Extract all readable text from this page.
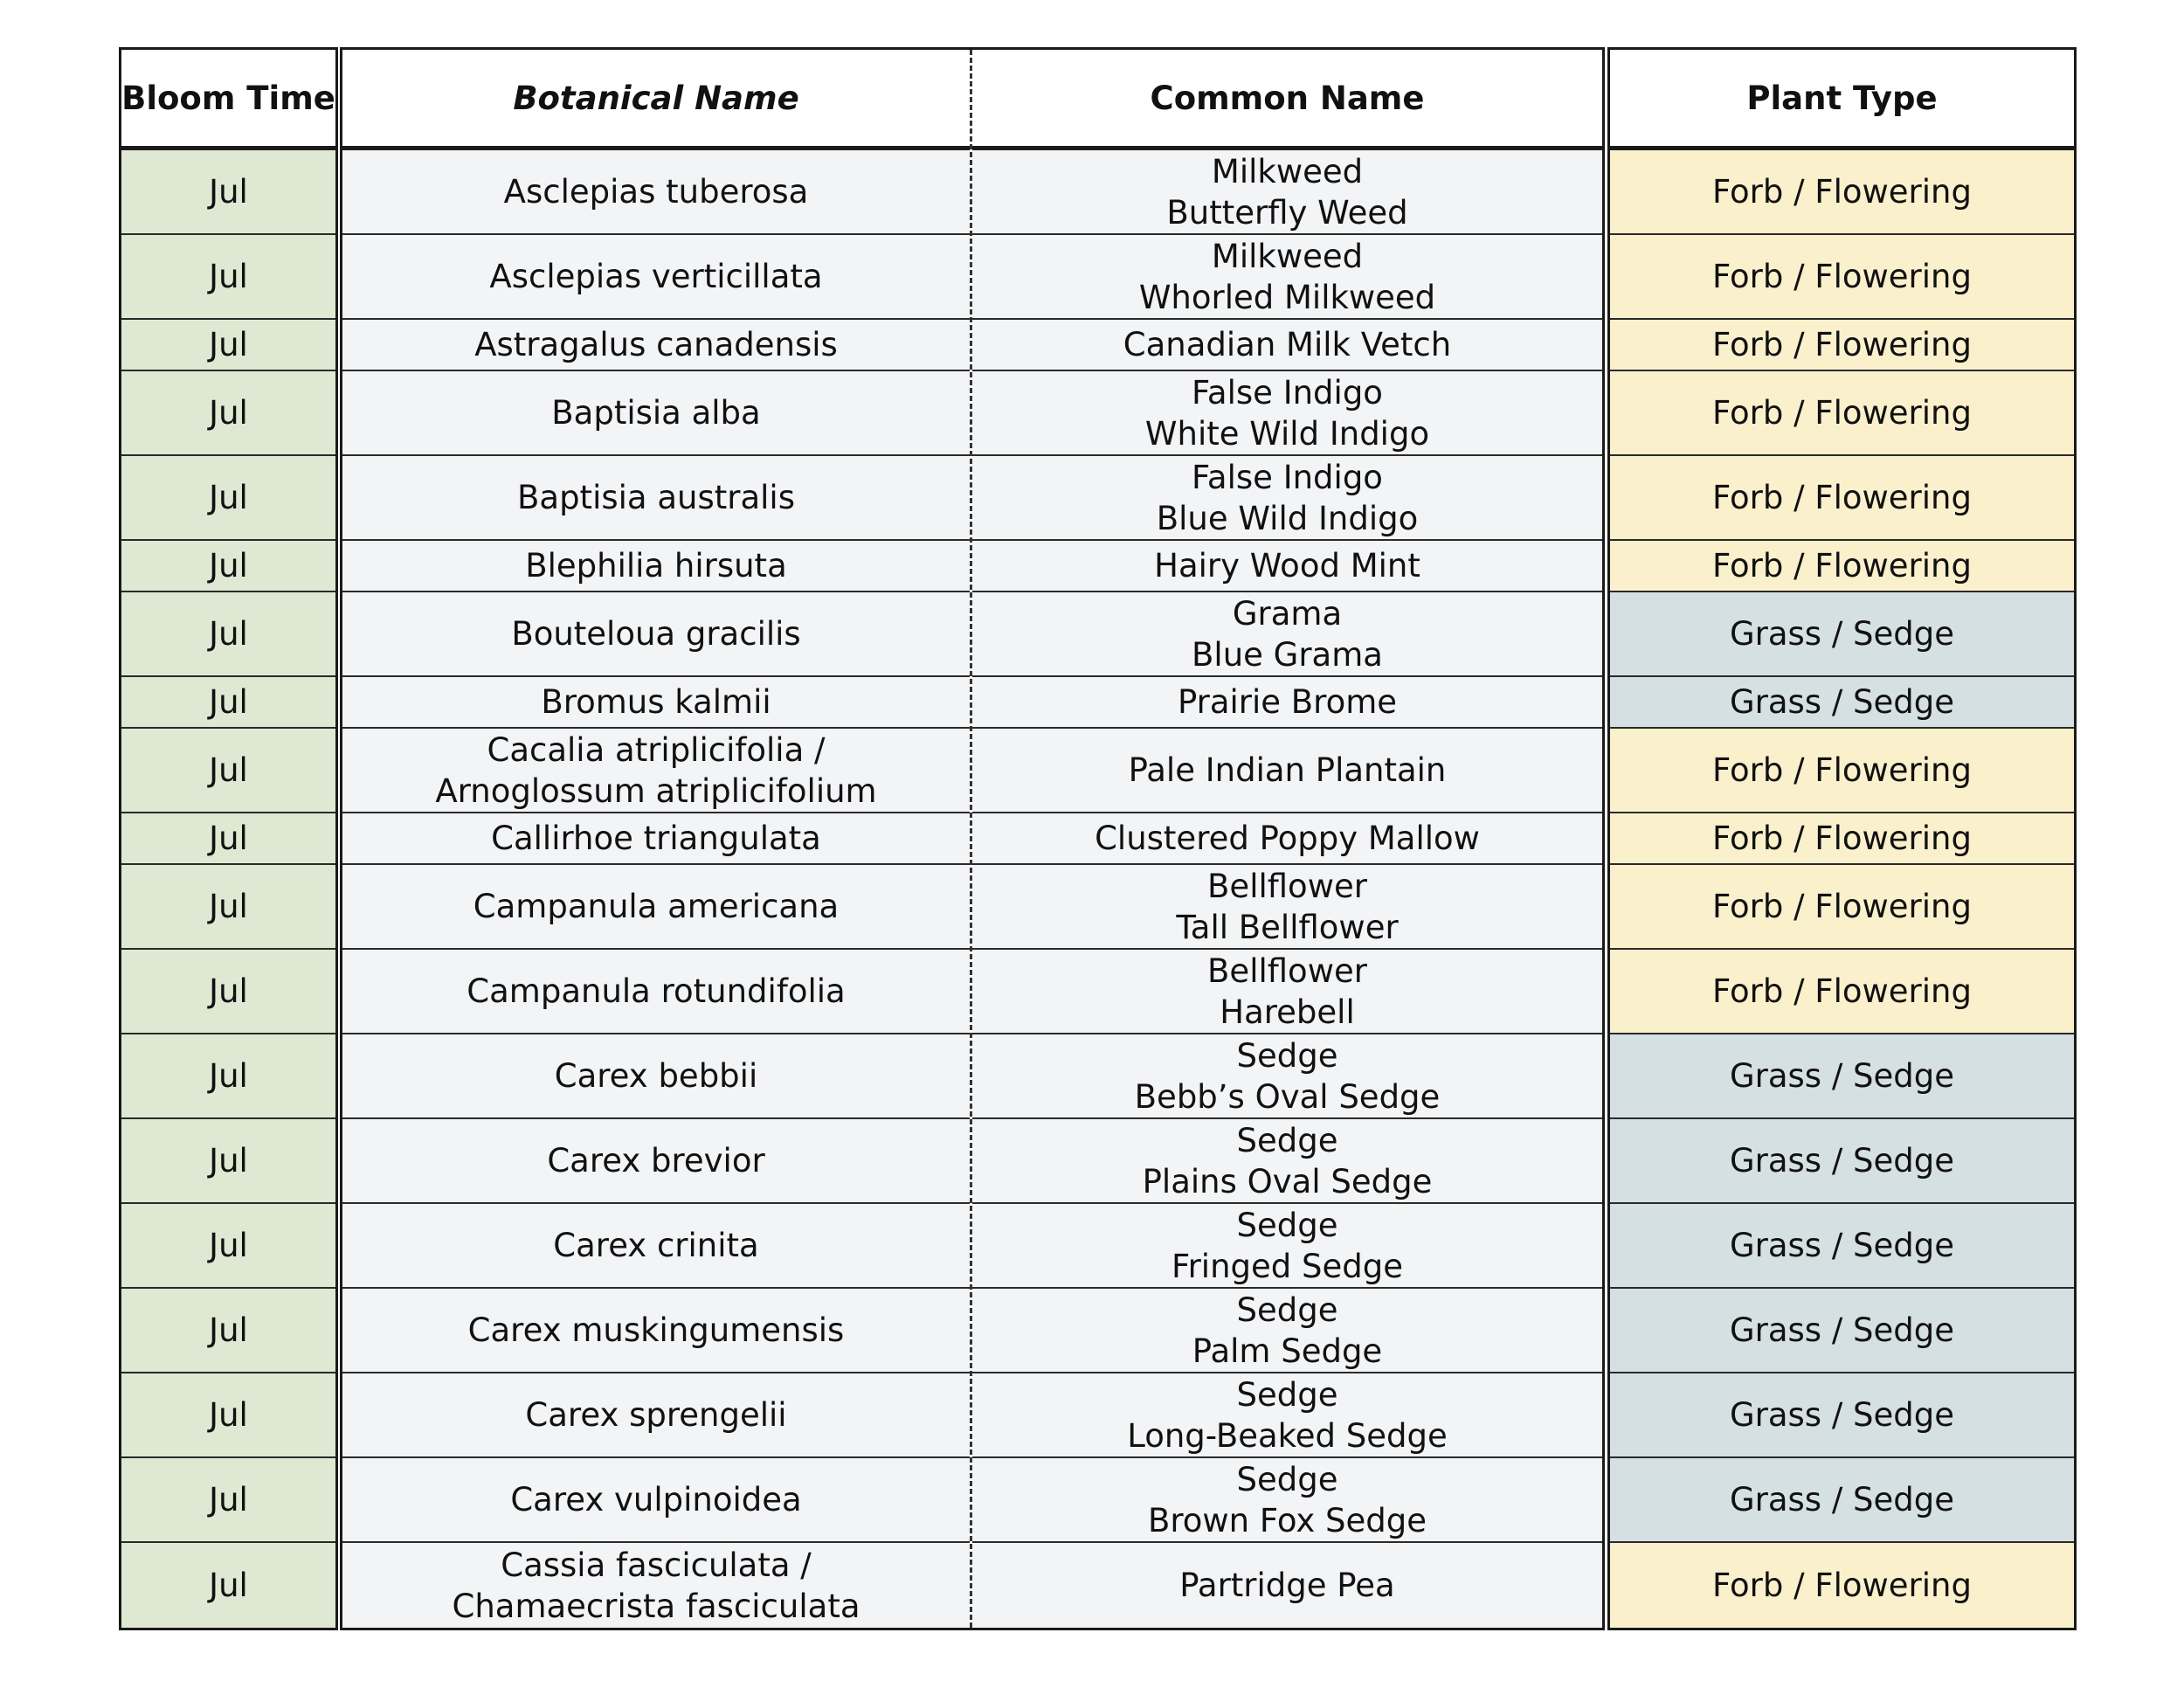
Bloom Time
Jul
Jul
Jul
Jul
Jul
Jul
Jul
Jul
Jul
Jul
Jul
Jul
Jul
Jul
Jul
Jul
Jul
Jul
Jul
Botanical Name
Asclepias tuberosa
Asclepias verticillata
Astragalus canadensis
Baptisia alba
Baptisia australis
Blephilia hirsuta
Bouteloua gracilis
Bromus kalmii
Cacalia atriplicifolia /
Arnoglossum atriplicifolium
Callirhoe triangulata
Campanula americana
Campanula rotundifolia
Carex bebbii
Carex brevior
Carex crinita
Carex muskingumensis
Carex sprengelii
Carex vulpinoidea
Cassia fasciculata /
Chamaecrista fasciculata
Common Name
Milkweed
Butterfly Weed
Milkweed
Whorled Milkweed
Canadian Milk Vetch
False Indigo
White Wild Indigo
False Indigo
Blue Wild Indigo
Hairy Wood Mint
Grama
Blue Grama
Prairie Brome
Pale Indian Plantain
Clustered Poppy Mallow
Bellflower
Tall Bellflower
Bellflower
Harebell
Sedge
Bebb’s Oval Sedge
Sedge
Plains Oval Sedge
Sedge
Fringed Sedge
Sedge
Palm Sedge
Sedge
Long-Beaked Sedge
Sedge
Brown Fox Sedge
Partridge Pea
Plant Type
Forb / Flowering
Forb / Flowering
Forb / Flowering
Forb / Flowering
Forb / Flowering
Forb / Flowering
Grass / Sedge
Grass / Sedge
Forb / Flowering
Forb / Flowering
Forb / Flowering
Forb / Flowering
Grass / Sedge
Grass / Sedge
Grass / Sedge
Grass / Sedge
Grass / Sedge
Grass / Sedge
Forb / Flowering
